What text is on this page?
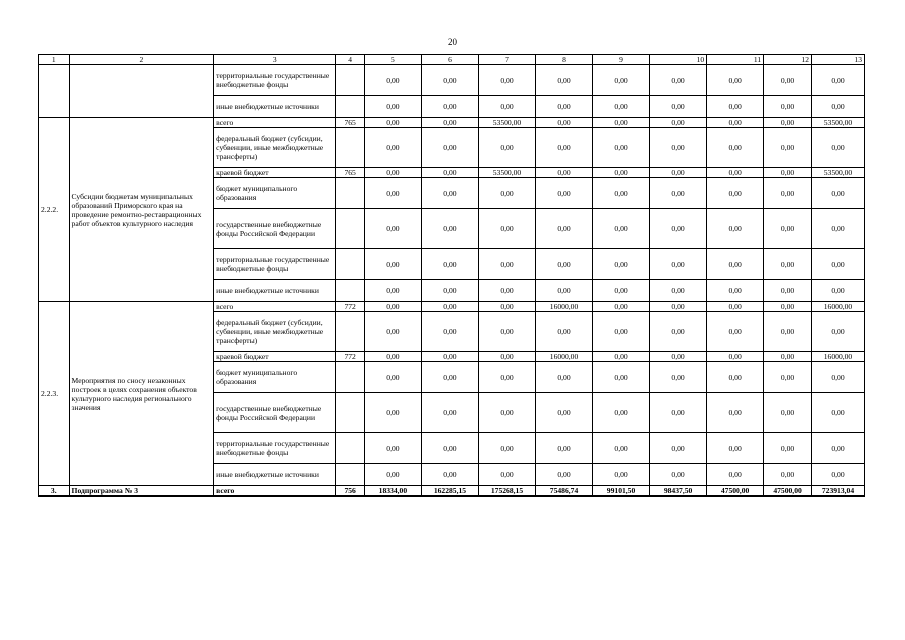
20
1	2	3	4	5	6	7	8	9	10	11	12	13
		территориальные государственные внебюджетные фонды		0,00	0,00	0,00	0,00	0,00	0,00	0,00	0,00	0,00
		иные внебюджетные источники		0,00	0,00	0,00	0,00	0,00	0,00	0,00	0,00	0,00
2.2.2.	Субсидии бюджетам муниципальных образований Приморского края на проведение ремонтно-реставрационных работ объектов культурного наследия	всего	765	0,00	0,00	53500,00	0,00	0,00	0,00	0,00	0,00	53500,00
		федеральный бюджет (субсидии, субвенции, иные межбюджетные трансферты)		0,00	0,00	0,00	0,00	0,00	0,00	0,00	0,00	0,00
		краевой бюджет	765	0,00	0,00	53500,00	0,00	0,00	0,00	0,00	0,00	53500,00
		бюджет муниципального образования		0,00	0,00	0,00	0,00	0,00	0,00	0,00	0,00	0,00
		государственные внебюджетные фонды Российской Федерации		0,00	0,00	0,00	0,00	0,00	0,00	0,00	0,00	0,00
		территориальные государственные внебюджетные фонды		0,00	0,00	0,00	0,00	0,00	0,00	0,00	0,00	0,00
		иные внебюджетные источники		0,00	0,00	0,00	0,00	0,00	0,00	0,00	0,00	0,00
2.2.3.	Мероприятия по сносу незаконных построек в целях сохранения объектов культурного наследия регионального значения	всего	772	0,00	0,00	0,00	16000,00	0,00	0,00	0,00	0,00	16000,00
		федеральный бюджет (субсидии, субвенции, иные межбюджетные трансферты)		0,00	0,00	0,00	0,00	0,00	0,00	0,00	0,00	0,00
		краевой бюджет	772	0,00	0,00	0,00	16000,00	0,00	0,00	0,00	0,00	16000,00
		бюджет муниципального образования		0,00	0,00	0,00	0,00	0,00	0,00	0,00	0,00	0,00
		государственные внебюджетные фонды Российской Федерации		0,00	0,00	0,00	0,00	0,00	0,00	0,00	0,00	0,00
		территориальные государственные внебюджетные фонды		0,00	0,00	0,00	0,00	0,00	0,00	0,00	0,00	0,00
		иные внебюджетные источники		0,00	0,00	0,00	0,00	0,00	0,00	0,00	0,00	0,00
3.	Подпрограмма № 3	всего	756	18334,00	162285,15	175268,15	75486,74	99101,50	98437,50	47500,00	47500,00	723913,04
